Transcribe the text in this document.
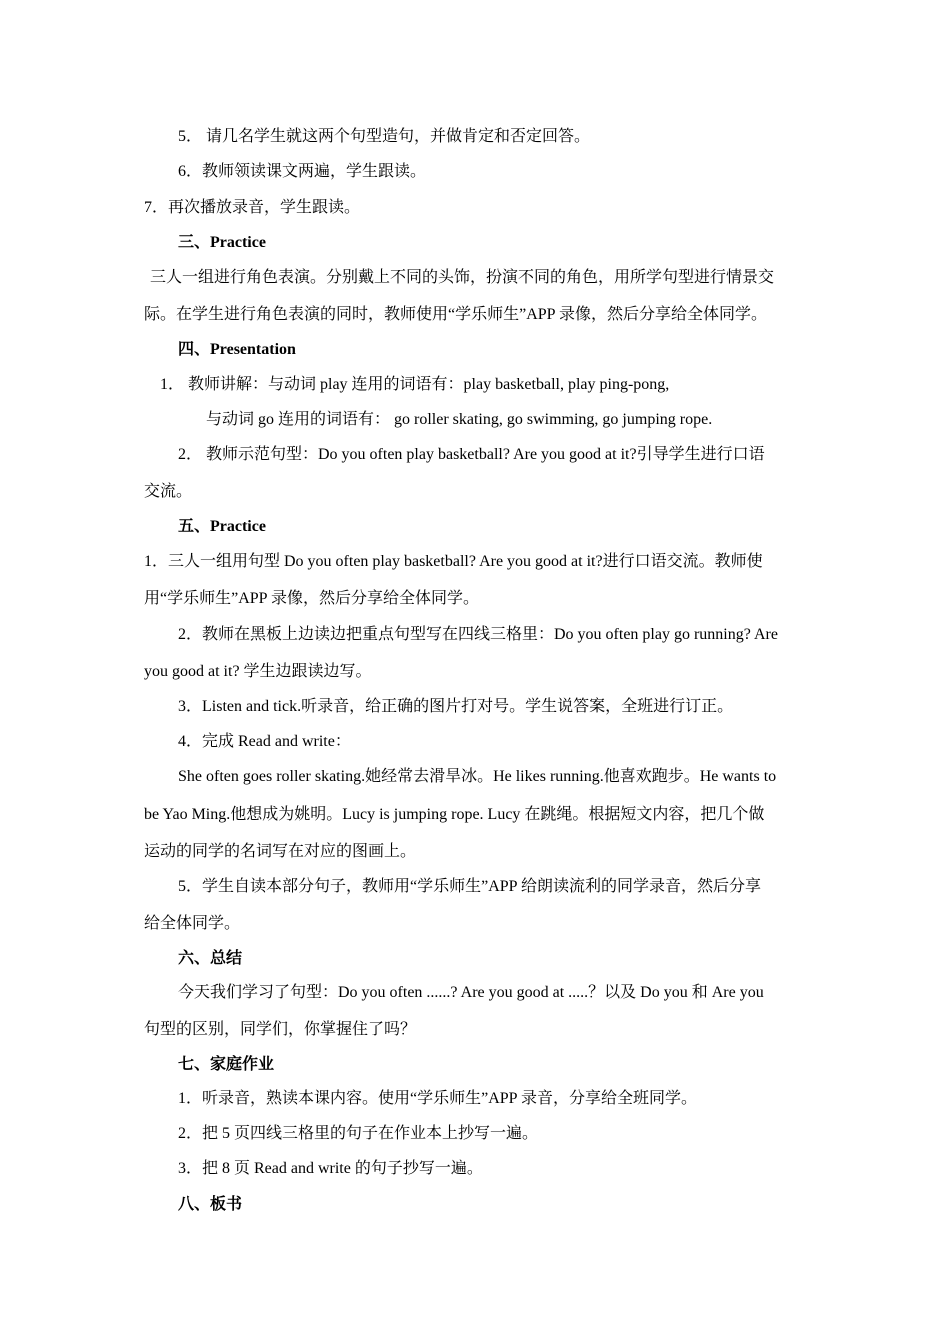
5． 请几名学生就这两个句型造句，并做肯定和否定回答。
6．教师领读课文两遍，学生跟读。
7．再次播放录音，学生跟读。
三、Practice
三人一组进行角色表演。分别戴上不同的头饰，扮演不同的角色，用所学句型进行情景交
际。在学生进行角色表演的同时，教师使用“学乐师生”APP 录像，然后分享给全体同学。
四、Presentation
1． 教师讲解：与动词 play 连用的词语有：play basketball, play ping-pong,
与动词 go 连用的词语有： go roller skating, go swimming, go jumping rope.
2． 教师示范句型：Do you often play basketball? Are you good at it?引导学生进行口语
交流。
五、Practice
1．三人一组用句型 Do you often play basketball? Are you good at it?进行口语交流。教师使
用“学乐师生”APP 录像，然后分享给全体同学。
2．教师在黑板上边读边把重点句型写在四线三格里：Do you often play go running? Are
you good at it? 学生边跟读边写。
3．Listen and tick.听录音，给正确的图片打对号。学生说答案，全班进行订正。
4．完成 Read and write：
She often goes roller skating.她经常去滑旱冰。He likes running.他喜欢跑步。He wants to
be Yao Ming.他想成为姚明。Lucy is jumping rope. Lucy 在跳绳。根据短文内容，把几个做
运动的同学的名词写在对应的图画上。
5．学生自读本部分句子，教师用“学乐师生”APP 给朗读流利的同学录音，然后分享
给全体同学。
六、总结
今天我们学习了句型：Do you often ......? Are you good at .....？以及 Do you 和 Are you
句型的区别，同学们，你掌握住了吗？
七、家庭作业
1．听录音，熟读本课内容。使用“学乐师生”APP 录音，分享给全班同学。
2．把 5 页四线三格里的句子在作业本上抄写一遍。
3．把 8 页 Read and write 的句子抄写一遍。
八、板书
